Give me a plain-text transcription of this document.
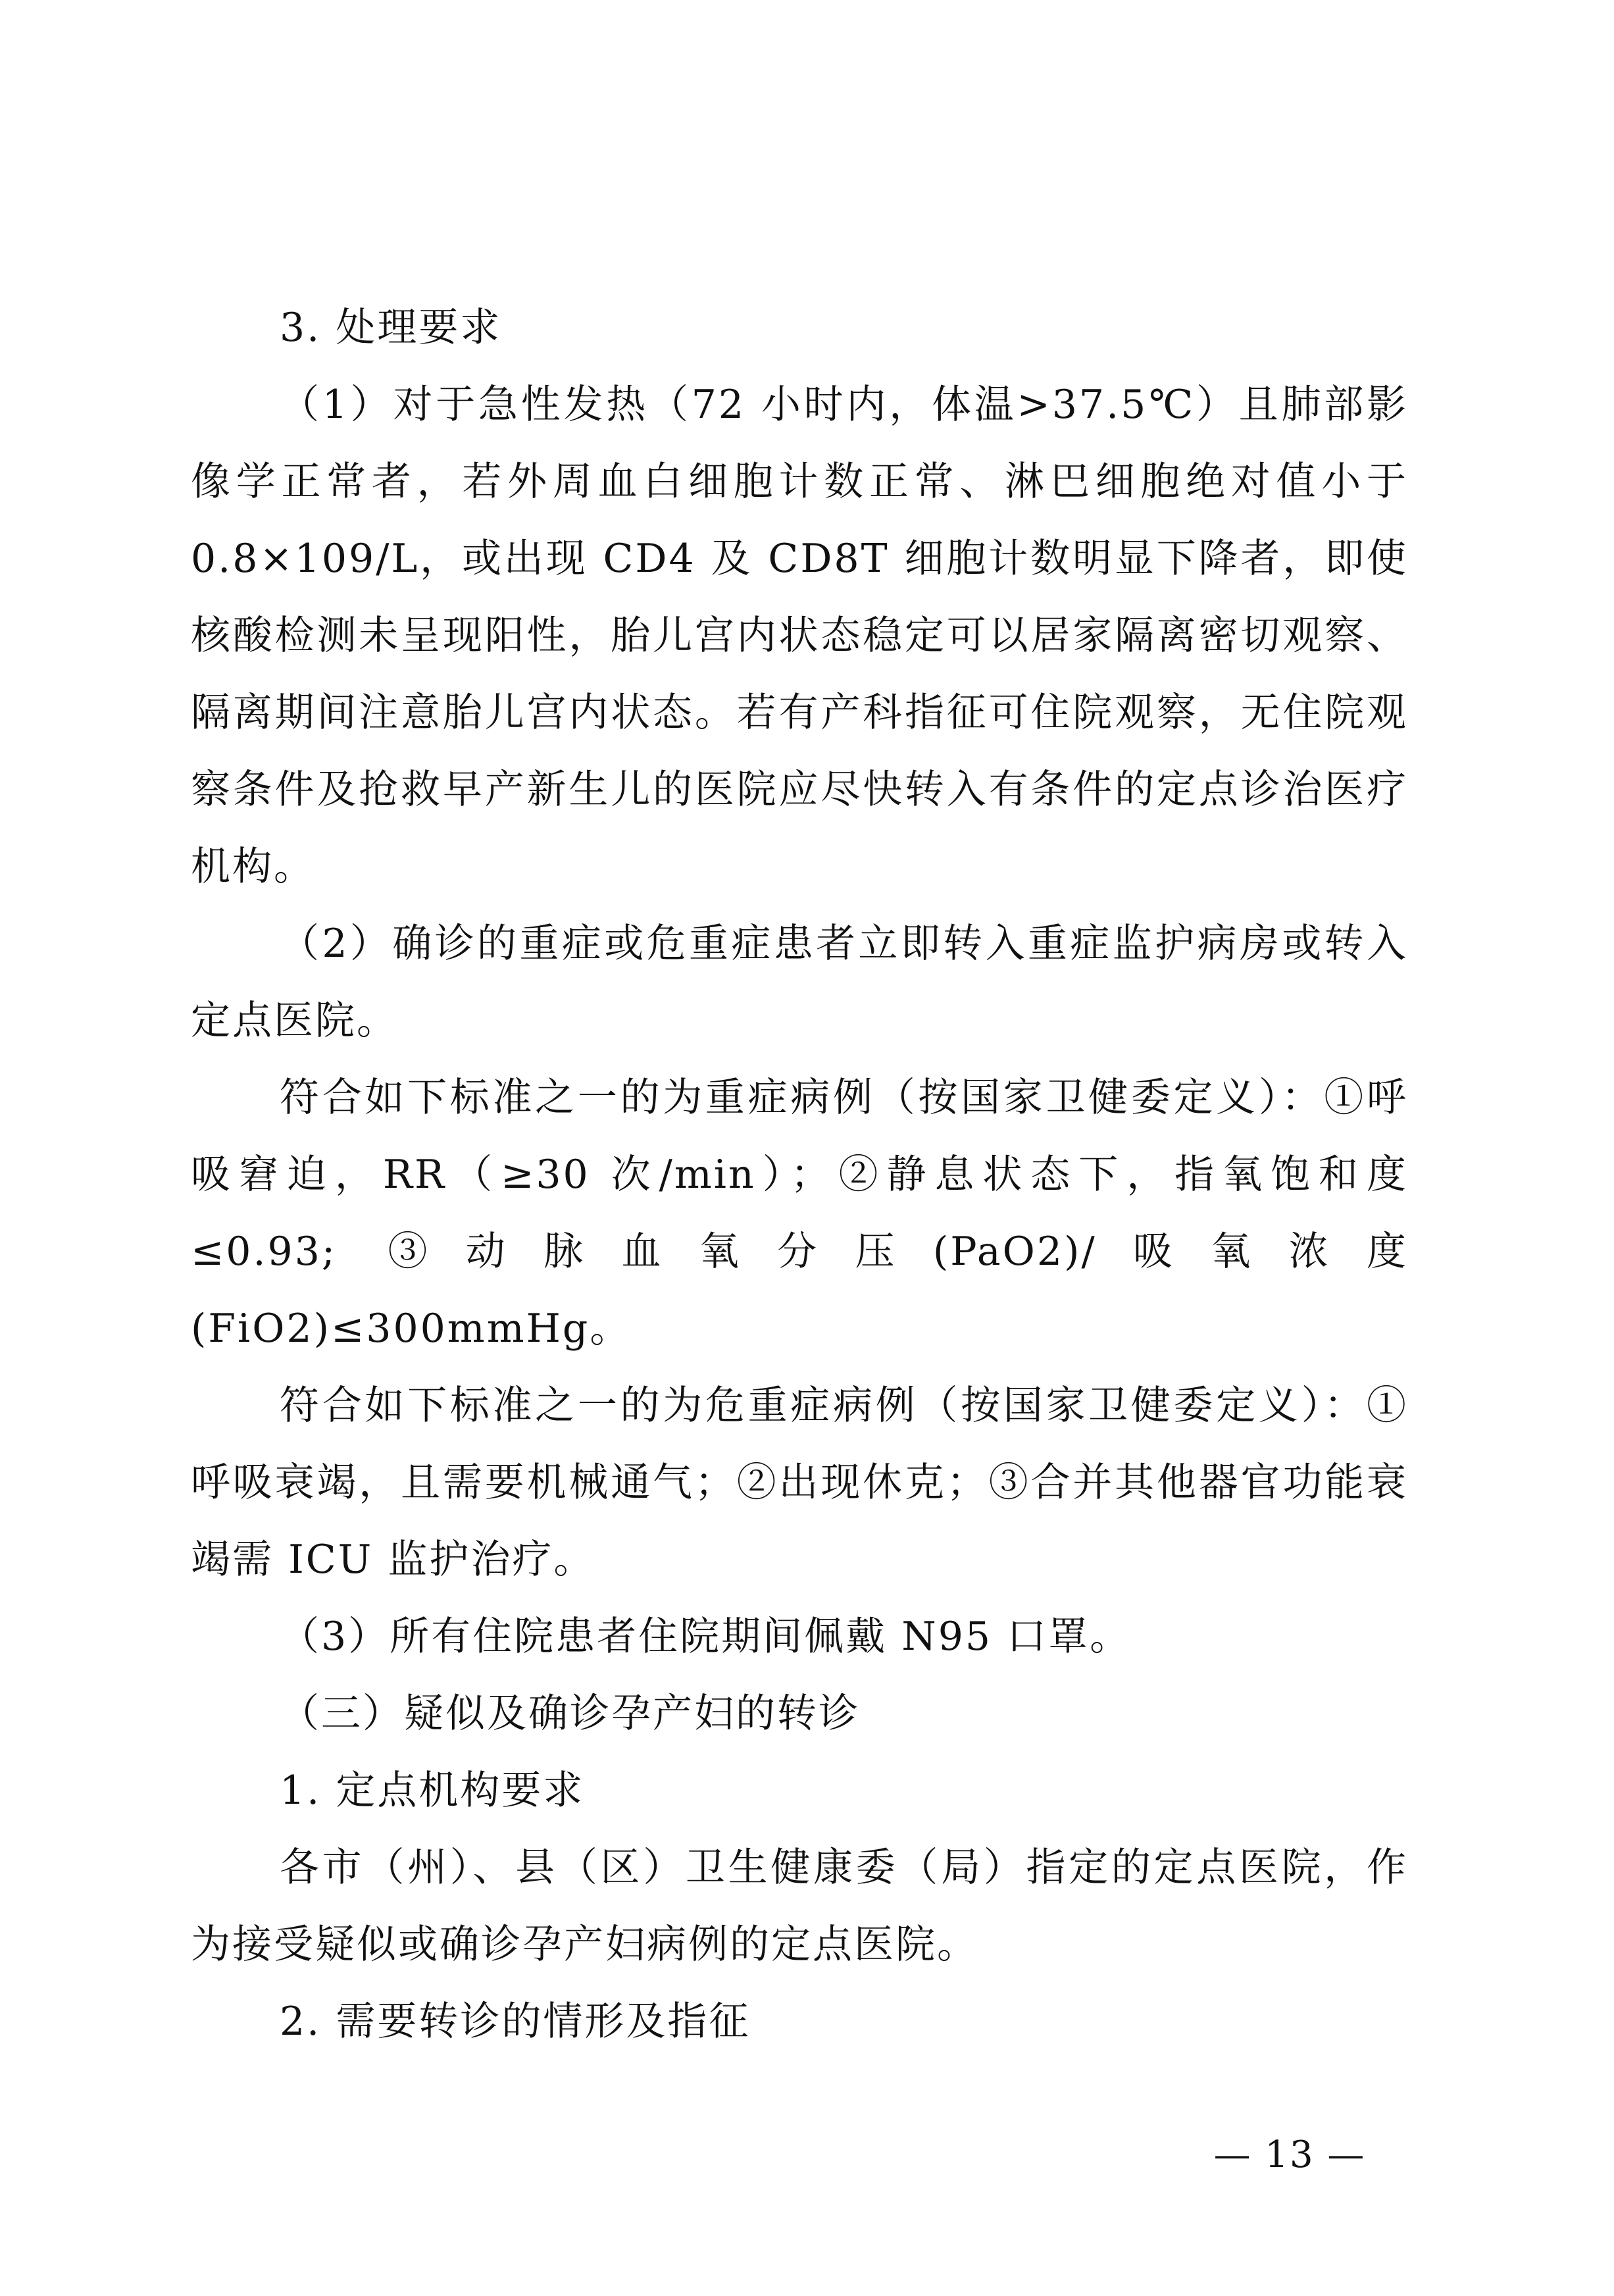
3. 处理要求

（1）对于急性发热（72 小时内，体温>37.5℃）且肺部影像学正常者，若外周血白细胞计数正常、淋巴细胞绝对值小于 0.8×109/L，或出现 CD4 及 CD8T 细胞计数明显下降者，即使核酸检测未呈现阳性，胎儿宫内状态稳定可以居家隔离密切观察、隔离期间注意胎儿宫内状态。若有产科指征可住院观察，无住院观察条件及抢救早产新生儿的医院应尽快转入有条件的定点诊治医疗机构。

（2）确诊的重症或危重症患者立即转入重症监护病房或转入定点医院。

符合如下标准之一的为重症病例（按国家卫健委定义）：①呼吸窘迫，RR（≥30 次/min）；②静息状态下，指氧饱和度≤0.93; ③动脉血氧分压(PaO2)/吸氧浓度(FiO2)≤300mmHg。

符合如下标准之一的为危重症病例（按国家卫健委定义）：①呼吸衰竭，且需要机械通气；②出现休克；③合并其他器官功能衰竭需 ICU 监护治疗。

（3）所有住院患者住院期间佩戴 N95 口罩。

（三）疑似及确诊孕产妇的转诊

1. 定点机构要求

各市（州）、县（区）卫生健康委（局）指定的定点医院，作为接受疑似或确诊孕产妇病例的定点医院。

2. 需要转诊的情形及指征

— 13 —
